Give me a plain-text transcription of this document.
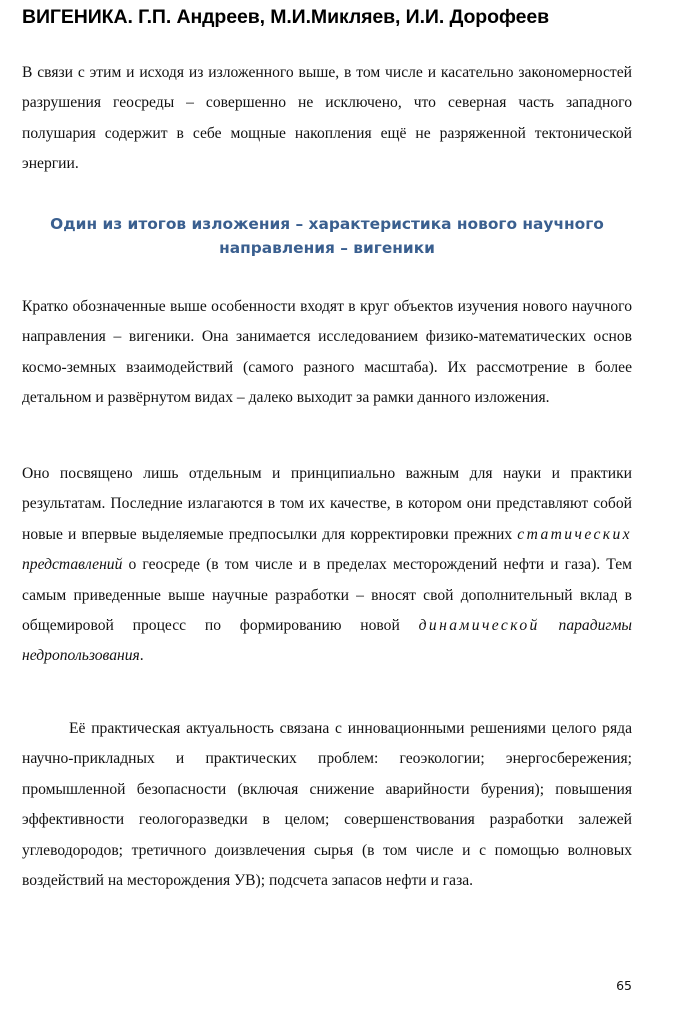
ВИГЕНИКА. Г.П. Андреев, М.И.Микляев, И.И. Дорофеев

В связи с этим и исходя из изложенного выше, в том числе и касательно закономерностей разрушения геосреды – совершенно не исключено, что северная часть западного полушария содержит в себе мощные накопления ещё не разряженной тектонической энергии.

Один из итогов изложения – характеристика нового научного
направления – вигеники

Кратко обозначенные выше особенности входят в круг объектов изучения нового научного направления – вигеники. Она занимается исследованием физико-математических основ космо-земных взаимодействий (самого разного масштаба). Их рассмотрение в более детальном и развёрнутом видах – далеко выходит за рамки данного изложения.

Оно посвящено лишь отдельным и принципиально важным для науки и практики результатам. Последние излагаются в том их качестве, в котором они представляют собой новые и впервые выделяемые предпосылки для корректировки прежних статических представлений о геосреде (в том числе и в пределах месторождений нефти и газа). Тем самым приведенные выше научные разработки – вносят свой дополнительный вклад в общемировой процесс по формированию новой динамической парадигмы недропользования.

Её практическая актуальность связана с инновационными решениями целого ряда научно-прикладных и практических проблем: геоэкологии; энергосбережения; промышленной безопасности (включая снижение аварийности бурения); повышения эффективности геологоразведки в целом; совершенствования разработки залежей углеводородов; третичного доизвлечения сырья (в том числе и с помощью волновых воздействий на месторождения УВ); подсчета запасов нефти и газа.

65
